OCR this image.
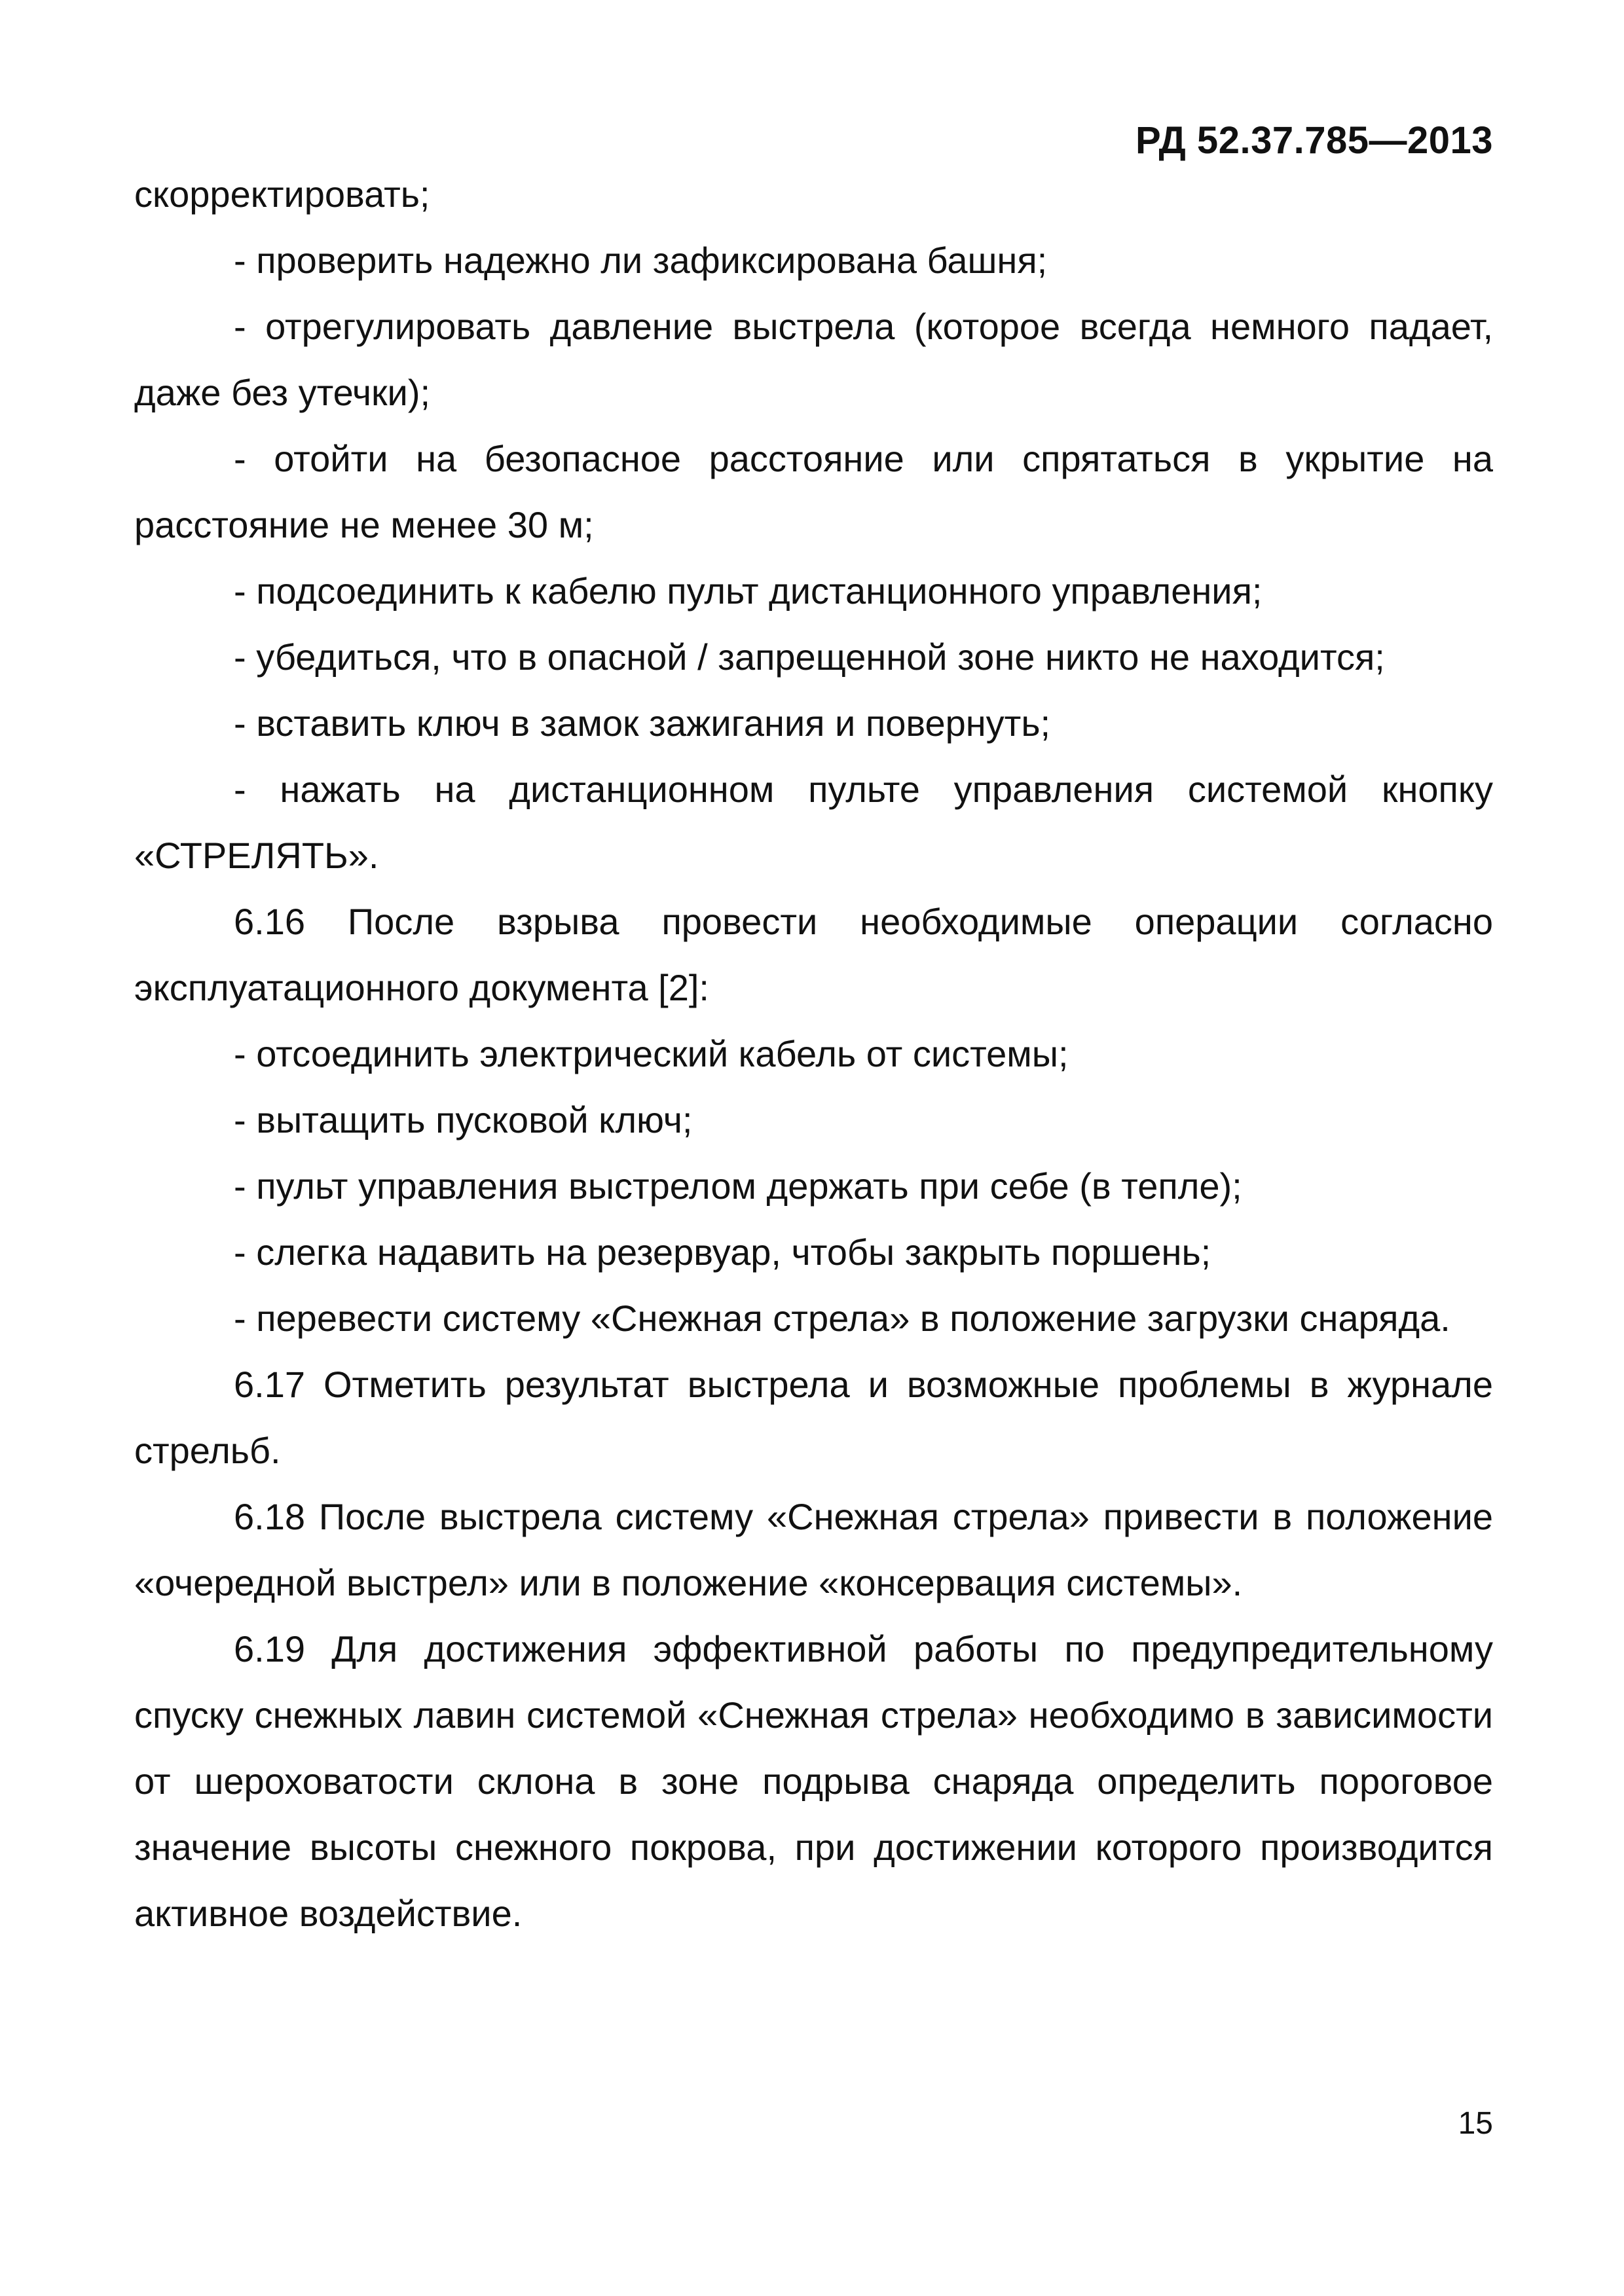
РД 52.37.785—2013

скорректировать;

- проверить надежно ли зафиксирована башня;

- отрегулировать давление выстрела (которое всегда немного падает, даже без утечки);

- отойти на безопасное расстояние или спрятаться в укрытие на расстояние не менее 30 м;

- подсоединить к кабелю пульт дистанционного управления;

- убедиться, что в опасной / запрещенной зоне никто не находится;

- вставить ключ в замок зажигания и повернуть;

- нажать на дистанционном пульте управления системой кнопку «СТРЕЛЯТЬ».

6.16 После взрыва провести необходимые операции согласно эксплуатационного документа [2]:

- отсоединить электрический кабель от системы;

- вытащить пусковой ключ;

- пульт управления выстрелом держать при себе (в тепле);

- слегка надавить на резервуар, чтобы закрыть поршень;

- перевести систему «Снежная стрела» в положение загрузки снаряда.

6.17 Отметить результат выстрела и возможные проблемы в журнале стрельб.

6.18 После выстрела систему «Снежная стрела» привести в положение «очередной выстрел» или в положение «консервация системы».

6.19 Для достижения эффективной работы по предупредительному спуску снежных лавин системой «Снежная стрела» необходимо в зависимости от шероховатости склона в зоне подрыва снаряда определить пороговое значение высоты снежного покрова, при достижении которого производится активное воздействие.

15
